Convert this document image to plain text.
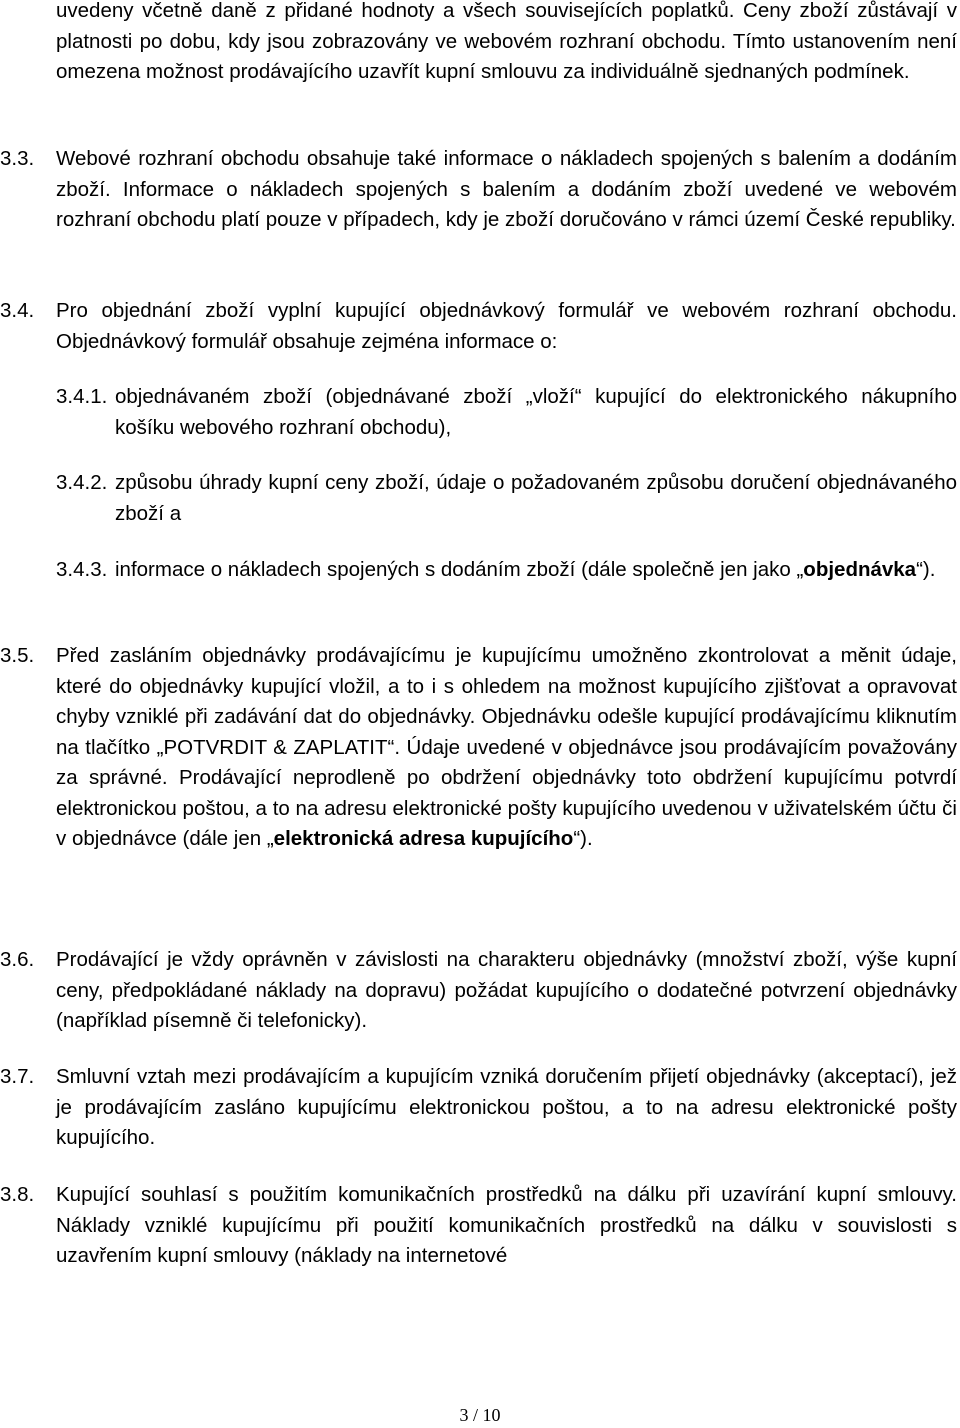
uvedeny včetně daně z přidané hodnoty a všech souvisejících poplatků. Ceny zboží zůstávají v platnosti po dobu, kdy jsou zobrazovány ve webovém rozhraní obchodu. Tímto ustanovením není omezena možnost prodávajícího uzavřít kupní smlouvu za individuálně sjednaných podmínek.

3.3.	Webové rozhraní obchodu obsahuje také informace o nákladech spojených s balením a dodáním zboží. Informace o nákladech spojených s balením a dodáním zboží uvedené ve webovém rozhraní obchodu platí pouze v případech, kdy je zboží doručováno v rámci území České republiky.
3.4.	Pro objednání zboží vyplní kupující objednávkový formulář ve webovém rozhraní obchodu. Objednávkový formulář obsahuje zejména informace o:
3.4.1. objednávaném zboží (objednávané zboží „vloží“ kupující do elektronického nákupního košíku webového rozhraní obchodu),
3.4.2. způsobu úhrady kupní ceny zboží, údaje o požadovaném způsobu doručení objednávaného zboží a
3.4.3. informace o nákladech spojených s dodáním zboží (dále společně jen jako „objednávka“).
3.5.	Před zasláním objednávky prodávajícímu je kupujícímu umožněno zkontrolovat a měnit údaje, které do objednávky kupující vložil, a to i s ohledem na možnost kupujícího zjišťovat a opravovat chyby vzniklé při zadávání dat do objednávky. Objednávku odešle kupující prodávajícímu kliknutím na tlačítko „POTVRDIT & ZAPLATIT“. Údaje uvedené v objednávce jsou prodávajícím považovány za správné. Prodávající neprodleně po obdržení objednávky toto obdržení kupujícímu potvrdí elektronickou poštou, a to na adresu elektronické pošty kupujícího uvedenou v uživatelském účtu či v objednávce (dále jen „elektronická adresa kupujícího“).
3.6.	Prodávající je vždy oprávněn v závislosti na charakteru objednávky (množství zboží, výše kupní ceny, předpokládané náklady na dopravu) požádat kupujícího o dodatečné potvrzení objednávky (například písemně či telefonicky).
3.7.	Smluvní vztah mezi prodávajícím a kupujícím vzniká doručením přijetí objednávky (akceptací), jež je prodávajícím zasláno kupujícímu elektronickou poštou, a to na adresu elektronické pošty kupujícího.
3.8.	Kupující souhlasí s použitím komunikačních prostředků na dálku při uzavírání kupní smlouvy. Náklady vzniklé kupujícímu při použití komunikačních prostředků na dálku v souvislosti s uzavřením kupní smlouvy (náklady na internetové
3 / 10
